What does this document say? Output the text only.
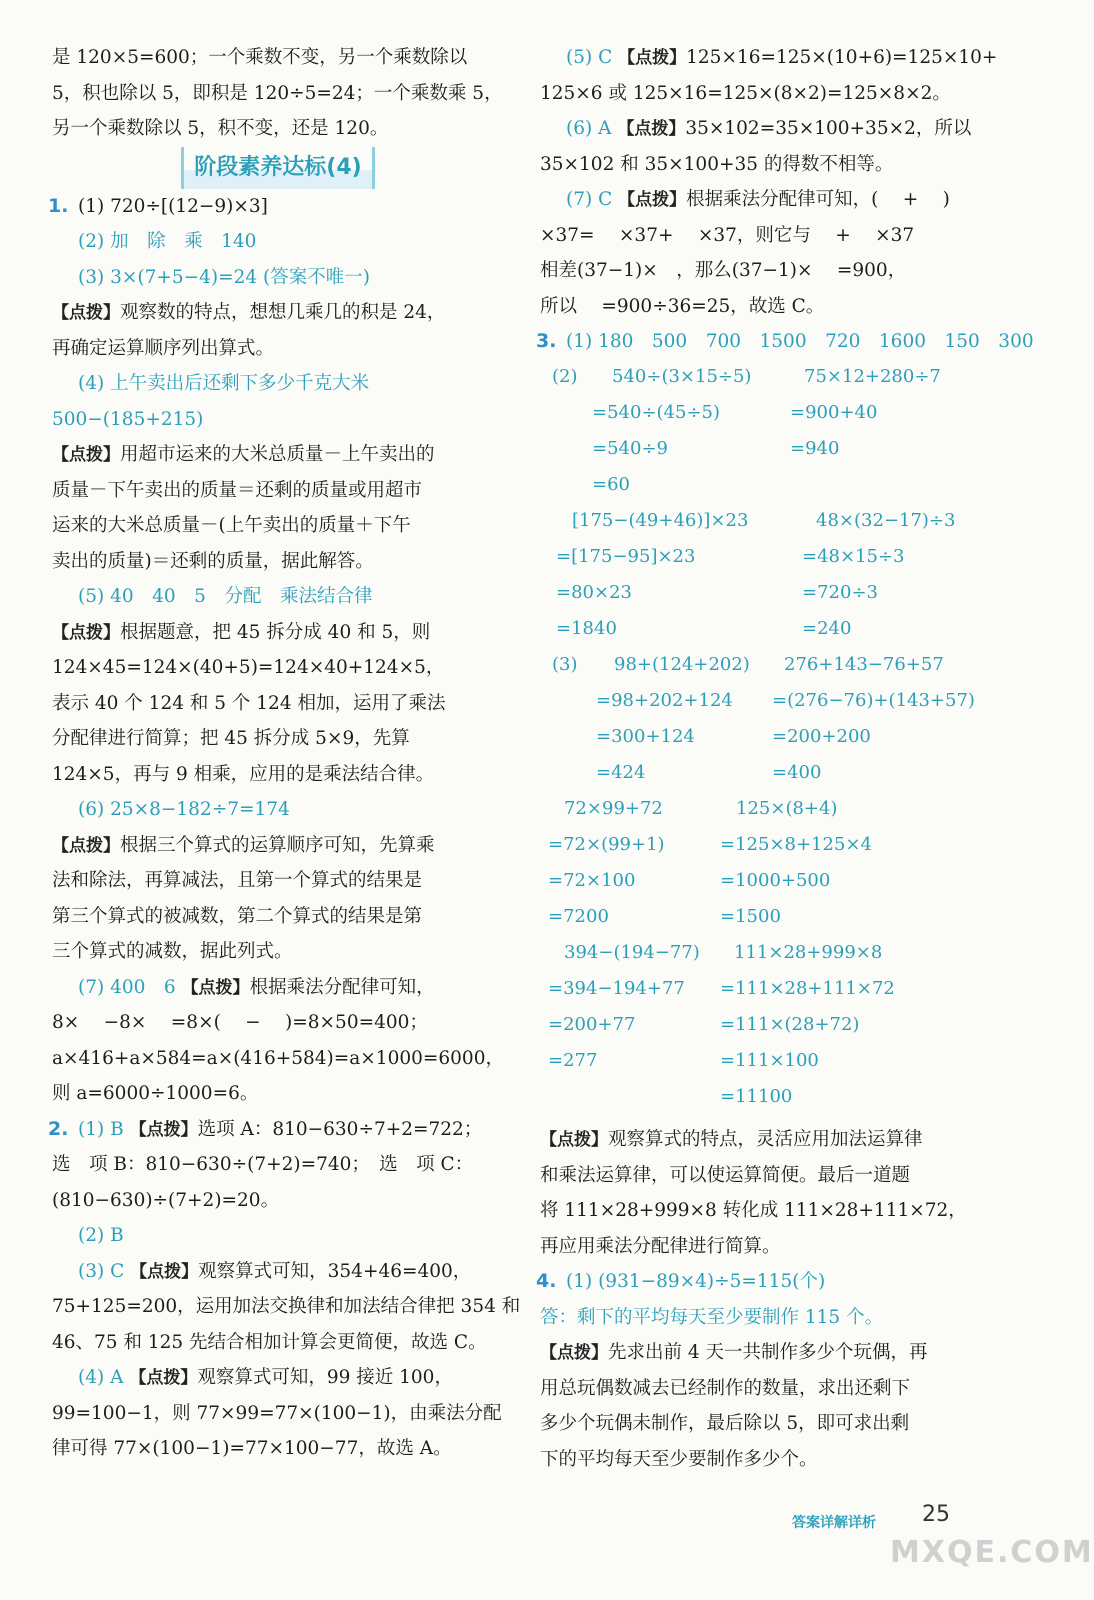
是 120×5=600；一个乘数不变，另一个乘数除以
5，积也除以 5，即积是 120÷5=24；一个乘数乘 5，
另一个乘数除以 5，积不变，还是 120。
阶段素养达标(4)
1. (1) 720÷[(12−9)×3]
(2) 加　除　乘　140
(3) 3×(7+5−4)=24 (答案不唯一)
【点拨】观察数的特点，想想几乘几的积是 24，
再确定运算顺序列出算式。
(4) 上午卖出后还剩下多少千克大米
500−(185+215)
【点拨】用超市运来的大米总质量－上午卖出的
质量－下午卖出的质量＝还剩的质量或用超市
运来的大米总质量－(上午卖出的质量＋下午
卖出的质量)＝还剩的质量，据此解答。
(5) 40　40　5　分配　乘法结合律
【点拨】根据题意，把 45 拆分成 40 和 5，则
124×45=124×(40+5)=124×40+124×5，
表示 40 个 124 和 5 个 124 相加，运用了乘法
分配律进行简算；把 45 拆分成 5×9，先算
124×5，再与 9 相乘，应用的是乘法结合律。
(6) 25×8−182÷7=174
【点拨】根据三个算式的运算顺序可知，先算乘
法和除法，再算减法，且第一个算式的结果是
第三个算式的被减数，第二个算式的结果是第
三个算式的减数，据此列式。
(7) 400　6 【点拨】根据乘法分配律可知，
8×　 −8×　 =8×(　 −　 )=8×50=400；
a×416+a×584=a×(416+584)=a×1000=6000，
则 a=6000÷1000=6。
2. (1) B 【点拨】选项 A：810−630÷7+2=722；
选　项 B：810−630÷(7+2)=740；　选　项 C：
(810−630)÷(7+2)=20。
(2) B
(3) C 【点拨】观察算式可知，354+46=400，
75+125=200，运用加法交换律和加法结合律把 354 和
46、75 和 125 先结合相加计算会更简便，故选 C。
(4) A 【点拨】观察算式可知，99 接近 100，
99=100−1，则 77×99=77×(100−1)，由乘法分配
律可得 77×(100−1)=77×100−77，故选 A。
(5) C 【点拨】125×16=125×(10+6)=125×10+
125×6 或 125×16=125×(8×2)=125×8×2。
(6) A 【点拨】35×102=35×100+35×2，所以
35×102 和 35×100+35 的得数不相等。
(7) C 【点拨】根据乘法分配律可知，(　 +　 )
×37=　 ×37+　 ×37，则它与　 +　 ×37
相差(37−1)×　，那么(37−1)×　 =900，
所以　 =900÷36=25，故选 C。
3. (1) 180　500　700　1500　720　1600　150　300
(2) 540÷(3×15÷5)
=540÷(45÷5)
=540÷9
=60
75×12+280÷7
=900+40
=940
[175−(49+46)]×23
=[175−95]×23
=80×23
=1840
48×(32−17)÷3
=48×15÷3
=720÷3
=240
(3) 98+(124+202)
=98+202+124
=300+124
=424
276+143−76+57
=(276−76)+(143+57)
=200+200
=400
72×99+72
=72×(99+1)
=72×100
=7200
125×(8+4)
=125×8+125×4
=1000+500
=1500
394−(194−77)
=394−194+77
=200+77
=277
111×28+999×8
=111×28+111×72
=111×(28+72)
=111×100
=11100
【点拨】观察算式的特点，灵活应用加法运算律
和乘法运算律，可以使运算简便。最后一道题
将 111×28+999×8 转化成 111×28+111×72，
再应用乘法分配律进行简算。
4. (1) (931−89×4)÷5=115(个)
答：剩下的平均每天至少要制作 115 个。
【点拨】先求出前 4 天一共制作多少个玩偶，再
用总玩偶数减去已经制作的数量，求出还剩下
多少个玩偶未制作，最后除以 5，即可求出剩
下的平均每天至少要制作多少个。
答案详解详析 25
MXQE.COM
